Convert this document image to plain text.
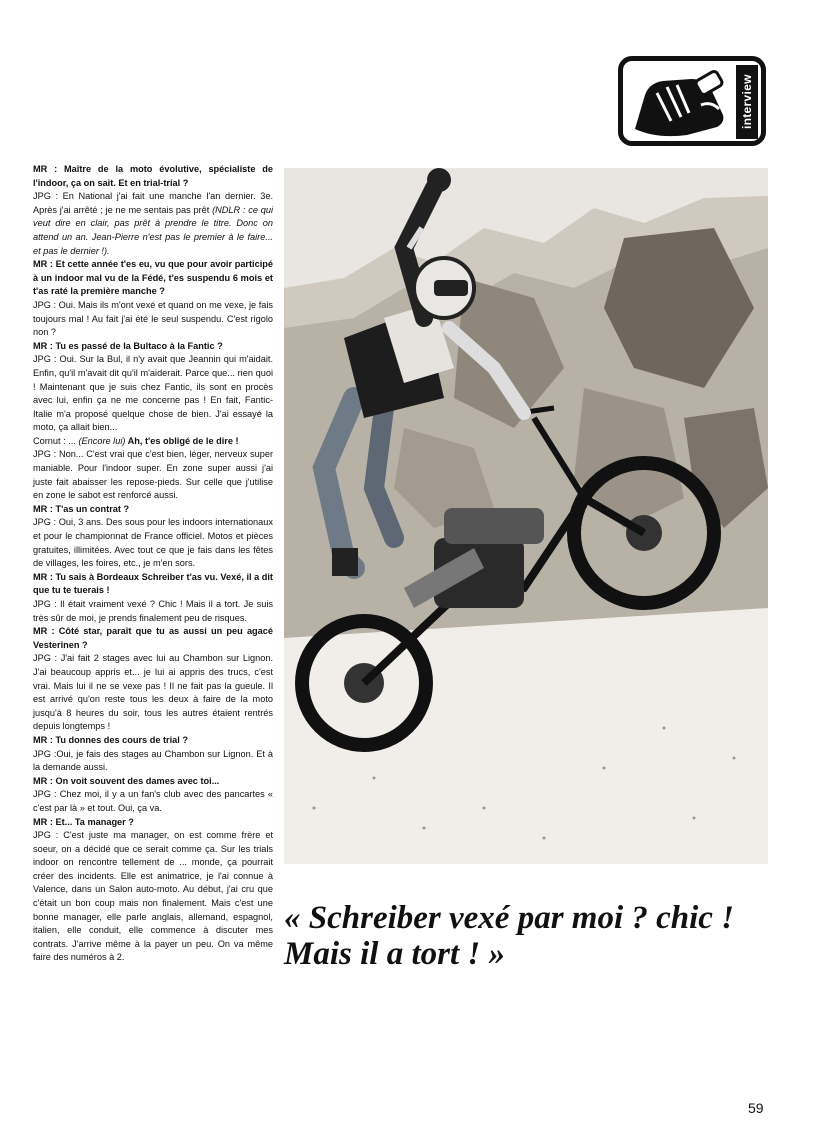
interview

MR : Maître de la moto évolutive, spécialiste de l'indoor, ça on sait. Et en trial-trial ?

JPG : En National j'ai fait une manche l'an dernier. 3e. Après j'ai arrêté ; je ne me sentais pas prêt (NDLR : ce qui veut dire en clair, pas prêt à prendre le titre. Donc on attend un an. Jean-Pierre n'est pas le premier à le faire... et pas le dernier !).

MR : Et cette année t'es eu, vu que pour avoir participé à un indoor mal vu de la Fédé, t'es suspendu 6 mois et t'as raté la première manche ?

JPG : Oui. Mais ils m'ont vexé et quand on me vexe, je fais toujours mal ! Au fait j'ai été le seul suspendu. C'est rigolo non ?

MR : Tu es passé de la Bultaco à la Fantic ?

JPG : Oui. Sur la Bul, il n'y avait que Jeannin qui m'aidait. Enfin, qu'il m'avait dit qu'il m'aiderait. Parce que... rien quoi ! Maintenant que je suis chez Fantic, ils sont en procès avec lui, enfin ça ne me concerne pas ! En fait, Fantic-Italie m'a proposé quelque chose de bien. J'ai essayé la moto, ça allait bien...

Cornut : ... (Encore lui) Ah, t'es obligé de le dire !

JPG : Non... C'est vrai que c'est bien, léger, nerveux super maniable. Pour l'indoor super. En zone super aussi j'ai juste fait abaisser les repose-pieds. Sur celle que j'utilise en zone le sabot est renforcé aussi.

MR : T'as un contrat ?

JPG : Oui, 3 ans. Des sous pour les indoors internationaux et pour le championnat de France officiel. Motos et pièces gratuites, illimitées. Avec tout ce que je fais dans les fêtes de villages, les foires, etc., je m'en sors.

MR : Tu sais à Bordeaux Schreiber t'as vu. Vexé, il a dit que tu te tuerais !

JPG : Il était vraiment vexé ? Chic ! Mais il a tort. Je suis très sûr de moi, je prends finalement peu de risques.

MR : Côté star, paraît que tu as aussi un peu agacé Vesterinen ?

JPG : J'ai fait 2 stages avec lui au Chambon sur Lignon. J'ai beaucoup appris et... je lui ai appris des trucs, c'est vrai. Mais lui il ne se vexe pas ! Il ne fait pas la gueule. Il est arrivé qu'on reste tous les deux à faire de la moto jusqu'à 8 heures du soir, tous les autres étaient rentrés depuis longtemps !

MR : Tu donnes des cours de trial ?

JPG :Oui, je fais des stages au Chambon sur Lignon. Et à la demande aussi.

MR : On voit souvent des dames avec toi...

JPG : Chez moi, il y a un fan's club avec des pancartes « c'est par là » et tout. Oui, ça va.

MR : Et... Ta manager ?

JPG : C'est juste ma manager, on est comme frère et soeur, on a décidé que ce serait comme ça. Sur les trials indoor on rencontre tellement de ... monde, ça pourrait créer des incidents. Elle est animatrice, je l'ai connue à Valence, dans un Salon auto-moto. Au début, j'ai cru que c'était un bon coup mais non finalement. Mais c'est une bonne manager, elle parle anglais, allemand, espagnol, italien, elle conduit, elle commence à discuter mes contrats. J'arrive même à la payer un peu. On va même faire des numéros à 2.

« Schreiber vexé par moi ? chic ! Mais il a tort ! »
59
